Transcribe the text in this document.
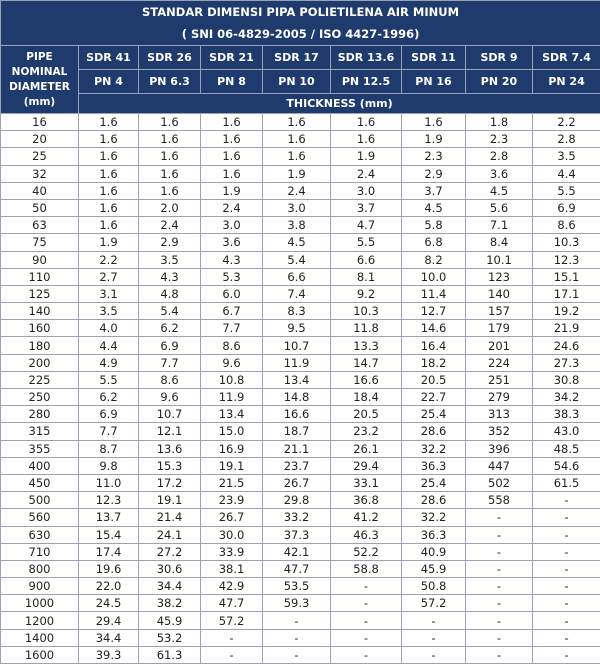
STANDAR DIMENSI PIPA POLIETILENA AIR MINUM								
( SNI 06-4829-2005 / ISO 4427-1996)								

PIPE
NOMINAL
DIAMETER
(mm)	SDR 41	SDR 26	SDR 21	SDR 17	SDR 13.6	SDR 11	SDR 9	SDR 7.4
	PN 4	PN 6.3	PN 8	PN 10	PN 12.5	PN 16	PN 20	PN 24
	THICKNESS (mm)							
16	1.6	1.6	1.6	1.6	1.6	1.6	1.8	2.2
20	1.6	1.6	1.6	1.6	1.6	1.9	2.3	2.8
25	1.6	1.6	1.6	1.6	1.9	2.3	2.8	3.5
32	1.6	1.6	1.6	1.9	2.4	2.9	3.6	4.4
40	1.6	1.6	1.9	2.4	3.0	3.7	4.5	5.5
50	1.6	2.0	2.4	3.0	3.7	4.5	5.6	6.9
63	1.6	2.4	3.0	3.8	4.7	5.8	7.1	8.6
75	1.9	2.9	3.6	4.5	5.5	6.8	8.4	10.3
90	2.2	3.5	4.3	5.4	6.6	8.2	10.1	12.3
110	2.7	4.3	5.3	6.6	8.1	10.0	123	15.1
125	3.1	4.8	6.0	7.4	9.2	11.4	140	17.1
140	3.5	5.4	6.7	8.3	10.3	12.7	157	19.2
160	4.0	6.2	7.7	9.5	11.8	14.6	179	21.9
180	4.4	6.9	8.6	10.7	13.3	16.4	201	24.6
200	4.9	7.7	9.6	11.9	14.7	18.2	224	27.3
225	5.5	8.6	10.8	13.4	16.6	20.5	251	30.8
250	6.2	9.6	11.9	14.8	18.4	22.7	279	34.2
280	6.9	10.7	13.4	16.6	20.5	25.4	313	38.3
315	7.7	12.1	15.0	18.7	23.2	28.6	352	43.0
355	8.7	13.6	16.9	21.1	26.1	32.2	396	48.5
400	9.8	15.3	19.1	23.7	29.4	36.3	447	54.6
450	11.0	17.2	21.5	26.7	33.1	25.4	502	61.5
500	12.3	19.1	23.9	29.8	36.8	28.6	558	-
560	13.7	21.4	26.7	33.2	41.2	32.2	-	-
630	15.4	24.1	30.0	37.3	46.3	36.3	-	-
710	17.4	27.2	33.9	42.1	52.2	40.9	-	-
800	19.6	30.6	38.1	47.7	58.8	45.9	-	-
900	22.0	34.4	42.9	53.5	-	50.8	-	-
1000	24.5	38.2	47.7	59.3	-	57.2	-	-
1200	29.4	45.9	57.2	-	-	-	-	-
1400	34.4	53.2	-	-	-	-	-	-
1600	39.3	61.3	-	-	-	-	-	-
